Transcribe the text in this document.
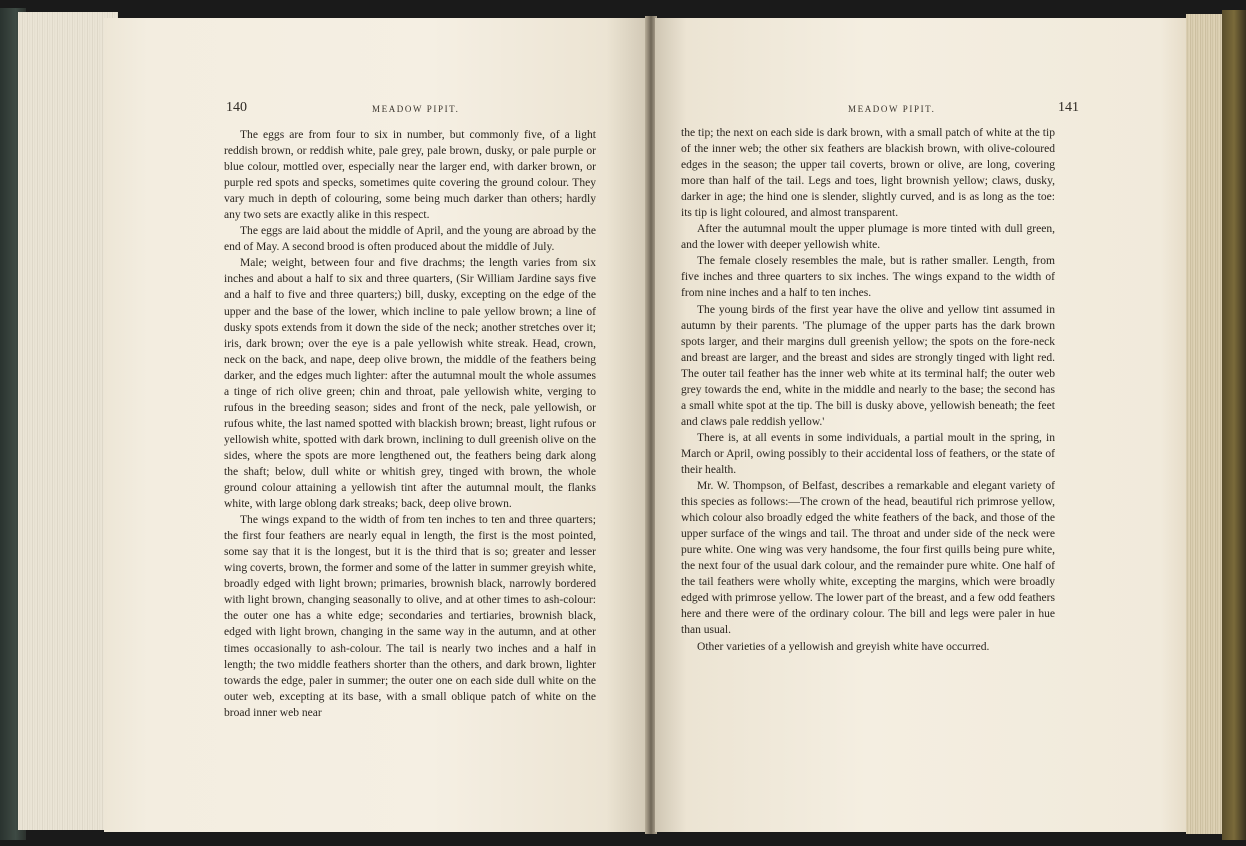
140	MEADOW PIPIT.

The eggs are from four to six in number, but commonly five, of a light reddish brown, or reddish white, pale grey, pale brown, dusky, or pale purple or blue colour, mottled over, especially near the larger end, with darker brown, or purple red spots and specks, sometimes quite covering the ground colour. They vary much in depth of colouring, some being much darker than others; hardly any two sets are exactly alike in this respect.

The eggs are laid about the middle of April, and the young are abroad by the end of May. A second brood is often produced about the middle of July.

Male; weight, between four and five drachms; the length varies from six inches and about a half to six and three quarters, (Sir William Jardine says five and a half to five and three quarters;) bill, dusky, excepting on the edge of the upper and the base of the lower, which incline to pale yellow brown; a line of dusky spots extends from it down the side of the neck; another stretches over it; iris, dark brown; over the eye is a pale yellowish white streak. Head, crown, neck on the back, and nape, deep olive brown, the middle of the feathers being darker, and the edges much lighter: after the autumnal moult the whole assumes a tinge of rich olive green; chin and throat, pale yellowish white, verging to rufous in the breeding season; sides and front of the neck, pale yellowish, or rufous white, the last named spotted with blackish brown; breast, light rufous or yellowish white, spotted with dark brown, inclining to dull greenish olive on the sides, where the spots are more lengthened out, the feathers being dark along the shaft; below, dull white or whitish grey, tinged with brown, the whole ground colour attaining a yellowish tint after the autumnal moult, the flanks white, with large oblong dark streaks; back, deep olive brown.

The wings expand to the width of from ten inches to ten and three quarters; the first four feathers are nearly equal in length, the first is the most pointed, some say that it is the longest, but it is the third that is so; greater and lesser wing coverts, brown, the former and some of the latter in summer greyish white, broadly edged with light brown; primaries, brownish black, narrowly bordered with light brown, changing seasonally to olive, and at other times to ash-colour: the outer one has a white edge; secondaries and tertiaries, brownish black, edged with light brown, changing in the same way in the autumn, and at other times occasionally to ash-colour. The tail is nearly two inches and a half in length; the two middle feathers shorter than the others, and dark brown, lighter towards the edge, paler in summer; the outer one on each side dull white on the outer web, excepting at its base, with a small oblique patch of white on the broad inner web near

MEADOW PIPIT.	141

the tip; the next on each side is dark brown, with a small patch of white at the tip of the inner web; the other six feathers are blackish brown, with olive-coloured edges in the season; the upper tail coverts, brown or olive, are long, covering more than half of the tail. Legs and toes, light brownish yellow; claws, dusky, darker in age; the hind one is slender, slightly curved, and is as long as the toe: its tip is light coloured, and almost transparent.

After the autumnal moult the upper plumage is more tinted with dull green, and the lower with deeper yellowish white.

The female closely resembles the male, but is rather smaller. Length, from five inches and three quarters to six inches. The wings expand to the width of from nine inches and a half to ten inches.

The young birds of the first year have the olive and yellow tint assumed in autumn by their parents. 'The plumage of the upper parts has the dark brown spots larger, and their margins dull greenish yellow; the spots on the fore-neck and breast are larger, and the breast and sides are strongly tinged with light red. The outer tail feather has the inner web white at its terminal half; the outer web grey towards the end, white in the middle and nearly to the base; the second has a small white spot at the tip. The bill is dusky above, yellowish beneath; the feet and claws pale reddish yellow.'

There is, at all events in some individuals, a partial moult in the spring, in March or April, owing possibly to their accidental loss of feathers, or the state of their health.

Mr. W. Thompson, of Belfast, describes a remarkable and elegant variety of this species as follows:—The crown of the head, beautiful rich primrose yellow, which colour also broadly edged the white feathers of the back, and those of the upper surface of the wings and tail. The throat and under side of the neck were pure white. One wing was very handsome, the four first quills being pure white, the next four of the usual dark colour, and the remainder pure white. One half of the tail feathers were wholly white, excepting the margins, which were broadly edged with primrose yellow. The lower part of the breast, and a few odd feathers here and there were of the ordinary colour. The bill and legs were paler in hue than usual.

Other varieties of a yellowish and greyish white have occurred.
